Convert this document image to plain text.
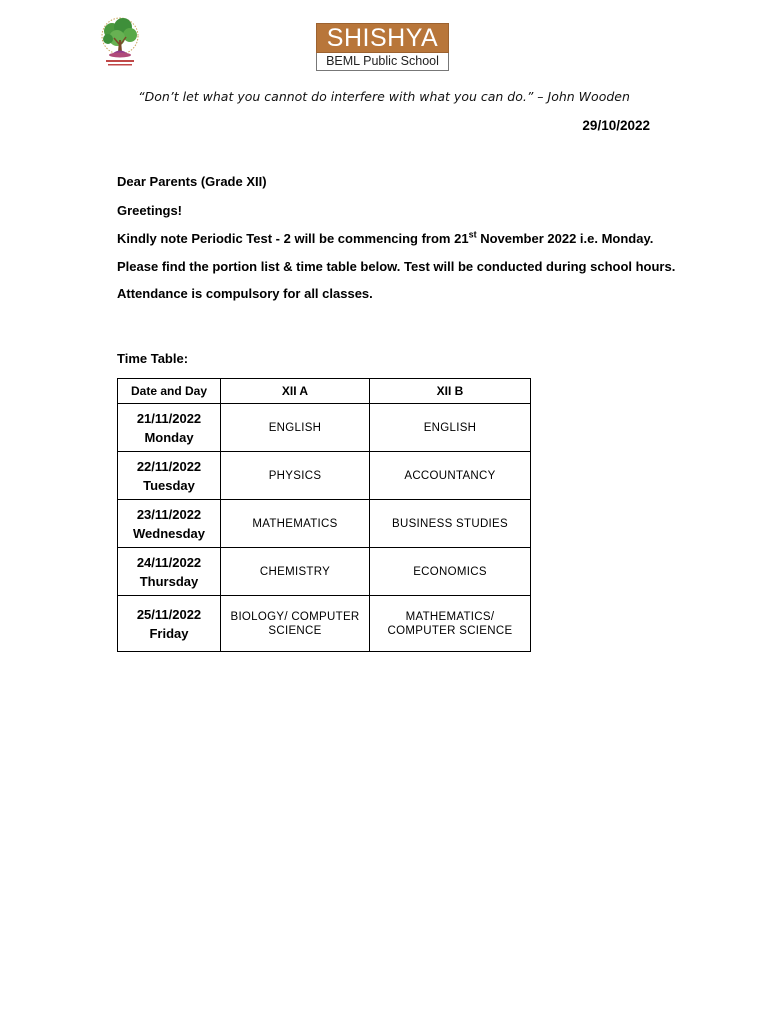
SHISHYA
BEML Public School
“Don’t let what you cannot do interfere with what you can do.” – John Wooden
29/10/2022
Dear Parents (Grade XII)
Greetings!
Kindly note Periodic Test - 2 will be commencing from 21st November 2022 i.e. Monday.
Please find the portion list & time table below. Test will be conducted during school hours.
Attendance is compulsory for all classes.
Time Table:
Date and Day	XII A	XII B
21/11/2022
Monday	ENGLISH	ENGLISH
22/11/2022
Tuesday	PHYSICS	ACCOUNTANCY
23/11/2022
Wednesday	MATHEMATICS	BUSINESS STUDIES
24/11/2022
Thursday	CHEMISTRY	ECONOMICS
25/11/2022
Friday	BIOLOGY/ COMPUTER SCIENCE	MATHEMATICS/ COMPUTER SCIENCE
